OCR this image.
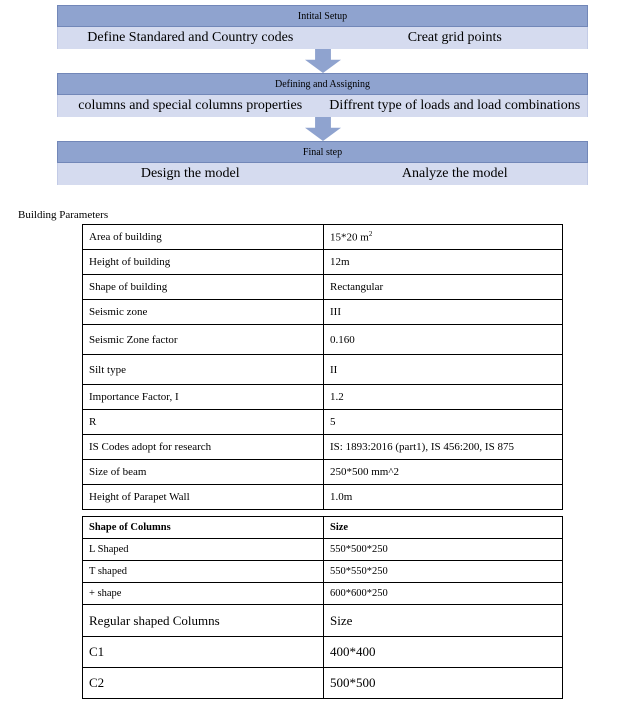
Intital Setup
Define Standared and Country codes	Creat grid points
Defining and Assigning
columns and special columns properties	Diffrent type of loads and load combinations
Final step
Design the model	Analyze the model
Building Parameters
Area of building	15*20 $m^2$
Height of building	12m
Shape of building	Rectangular
Seismic zone	III
Seismic Zone factor	0.160
Silt type	II
Importance Factor, I	1.2
R	5
IS Codes adopt for research	IS: 1893:2016 (part1), IS 456:200, IS 875
Size of beam	250*500 mm^2
Height of Parapet Wall	1.0m
Shape of Columns	Size
L Shaped	550*500*250
T shaped	550*550*250
+ shape	600*600*250
Regular shaped Columns	Size
C1	400*400
C2	500*500
